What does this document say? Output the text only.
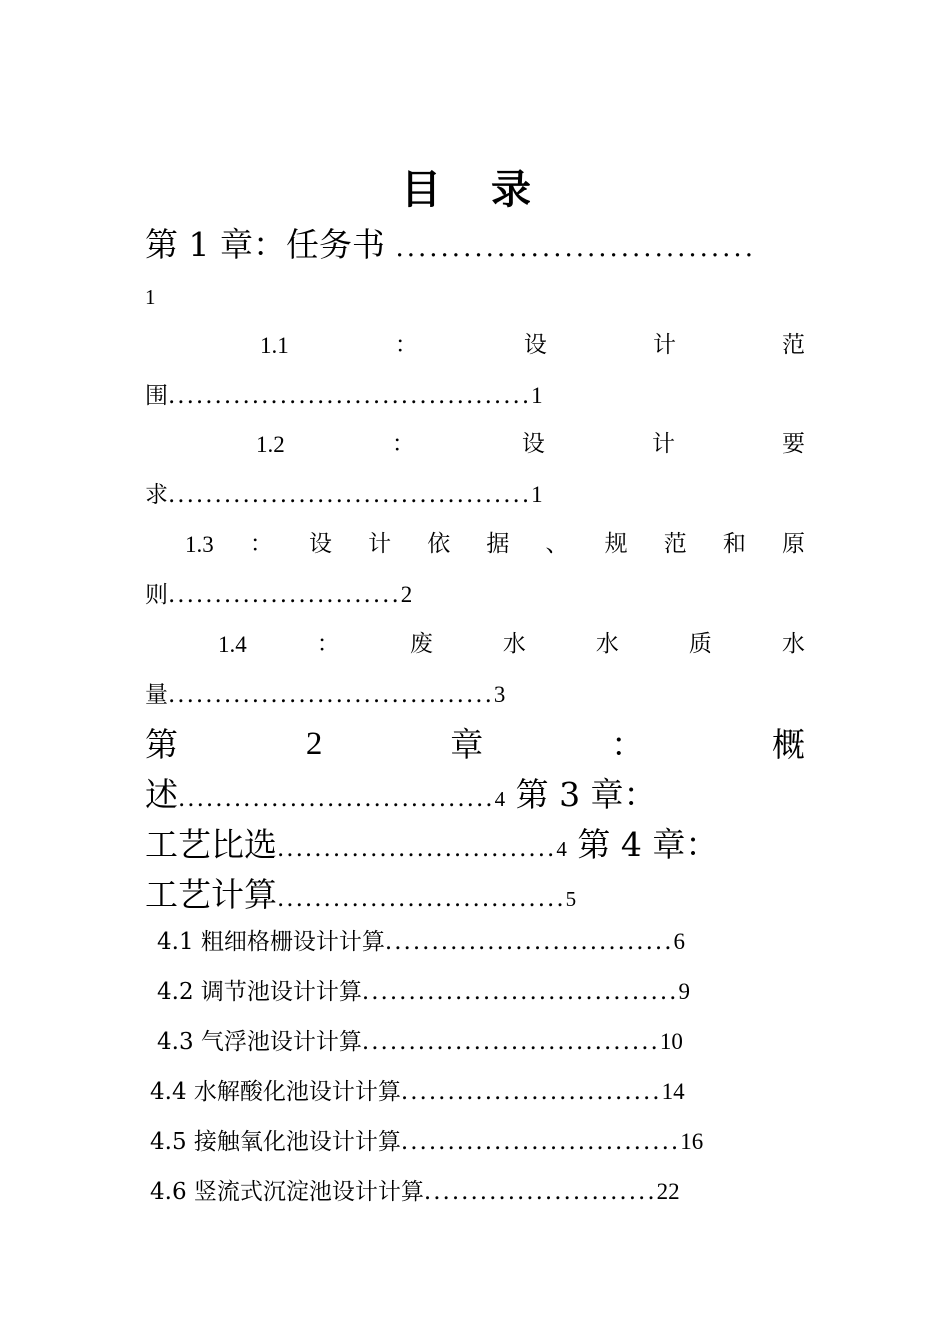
目 录
第 1 章：任务书 ................................
1
1.1	：	设	计	范
围.......................................1
1.2	：	设	计	要
求.......................................1
1.3 ： 设 计 依 据 、 规 范 和 原
则.........................2
1.4	：	废	水	水	质	水
量...................................3
第	2	章	：	概
述..................................4 第 3 章：
工艺比选..............................4 第 4 章：
工艺计算...............................5
4.1 粗细格栅设计计算...............................6
4.2 调节池设计计算..................................9
4.3 气浮池设计计算................................10
4.4 水解酸化池设计计算............................14
4.5 接触氧化池设计计算..............................16
4.6 竖流式沉淀池设计计算.........................22
